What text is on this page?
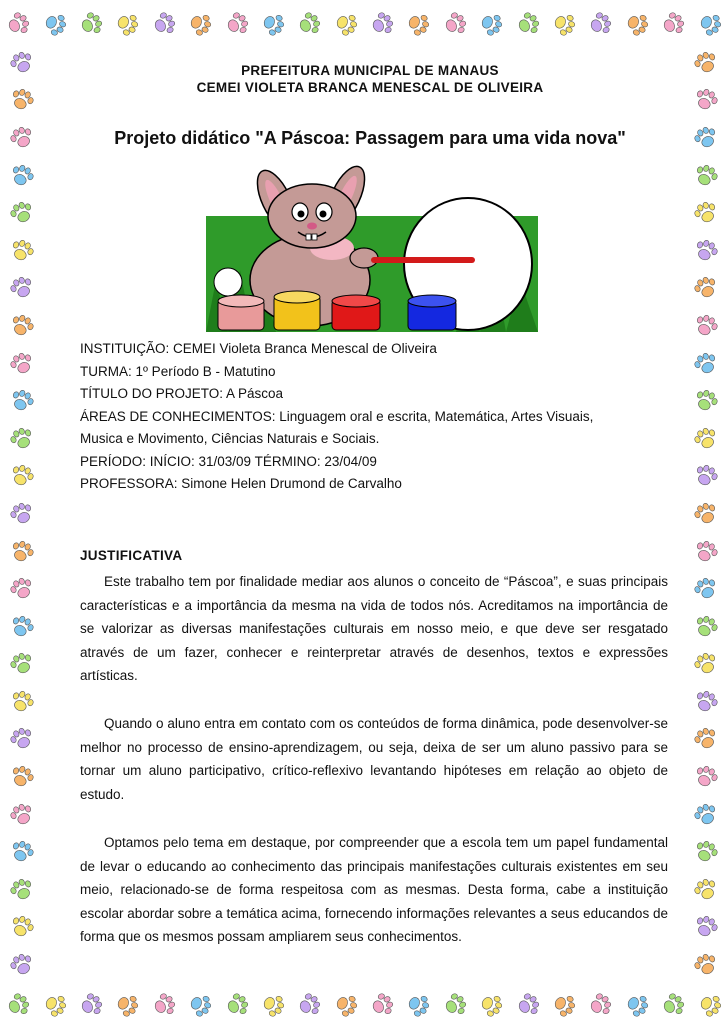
PREFEITURA MUNICIPAL DE MANAUS
CEMEI VIOLETA BRANCA MENESCAL DE OLIVEIRA
Projeto didático "A Páscoa: Passagem para uma vida nova"

INSTITUIÇÃO: CEMEI Violeta Branca Menescal de Oliveira

TURMA: 1º Período B - Matutino

TÍTULO DO PROJETO: A Páscoa

ÁREAS DE CONHECIMENTOS: Linguagem oral e escrita, Matemática, Artes Visuais,

Musica e Movimento, Ciências Naturais e Sociais.

PERÍODO: INÍCIO: 31/03/09 TÉRMINO: 23/04/09

PROFESSORA: Simone Helen Drumond de Carvalho

JUSTIFICATIVA

Este trabalho tem por finalidade mediar aos alunos o conceito de “Páscoa”, e suas principais características e a importância da mesma na vida de todos nós. Acreditamos na importância de se valorizar as diversas manifestações culturais em nosso meio, e que deve ser resgatado através de um fazer, conhecer e reinterpretar através de desenhos, textos e expressões artísticas.

Quando o aluno entra em contato com os conteúdos de forma dinâmica, pode desenvolver-se melhor no processo de ensino-aprendizagem, ou seja, deixa de ser um aluno passivo para se tornar um aluno participativo, crítico-reflexivo levantando hipóteses em relação ao objeto de estudo.

Optamos pelo tema em destaque, por compreender que a escola tem um papel fundamental de levar o educando ao conhecimento das principais manifestações culturais existentes em seu meio, relacionado-se de forma respeitosa com as mesmas. Desta forma, cabe a instituição escolar abordar sobre a temática acima, fornecendo informações relevantes a seus educandos de forma que os mesmos possam ampliarem seus conhecimentos.
